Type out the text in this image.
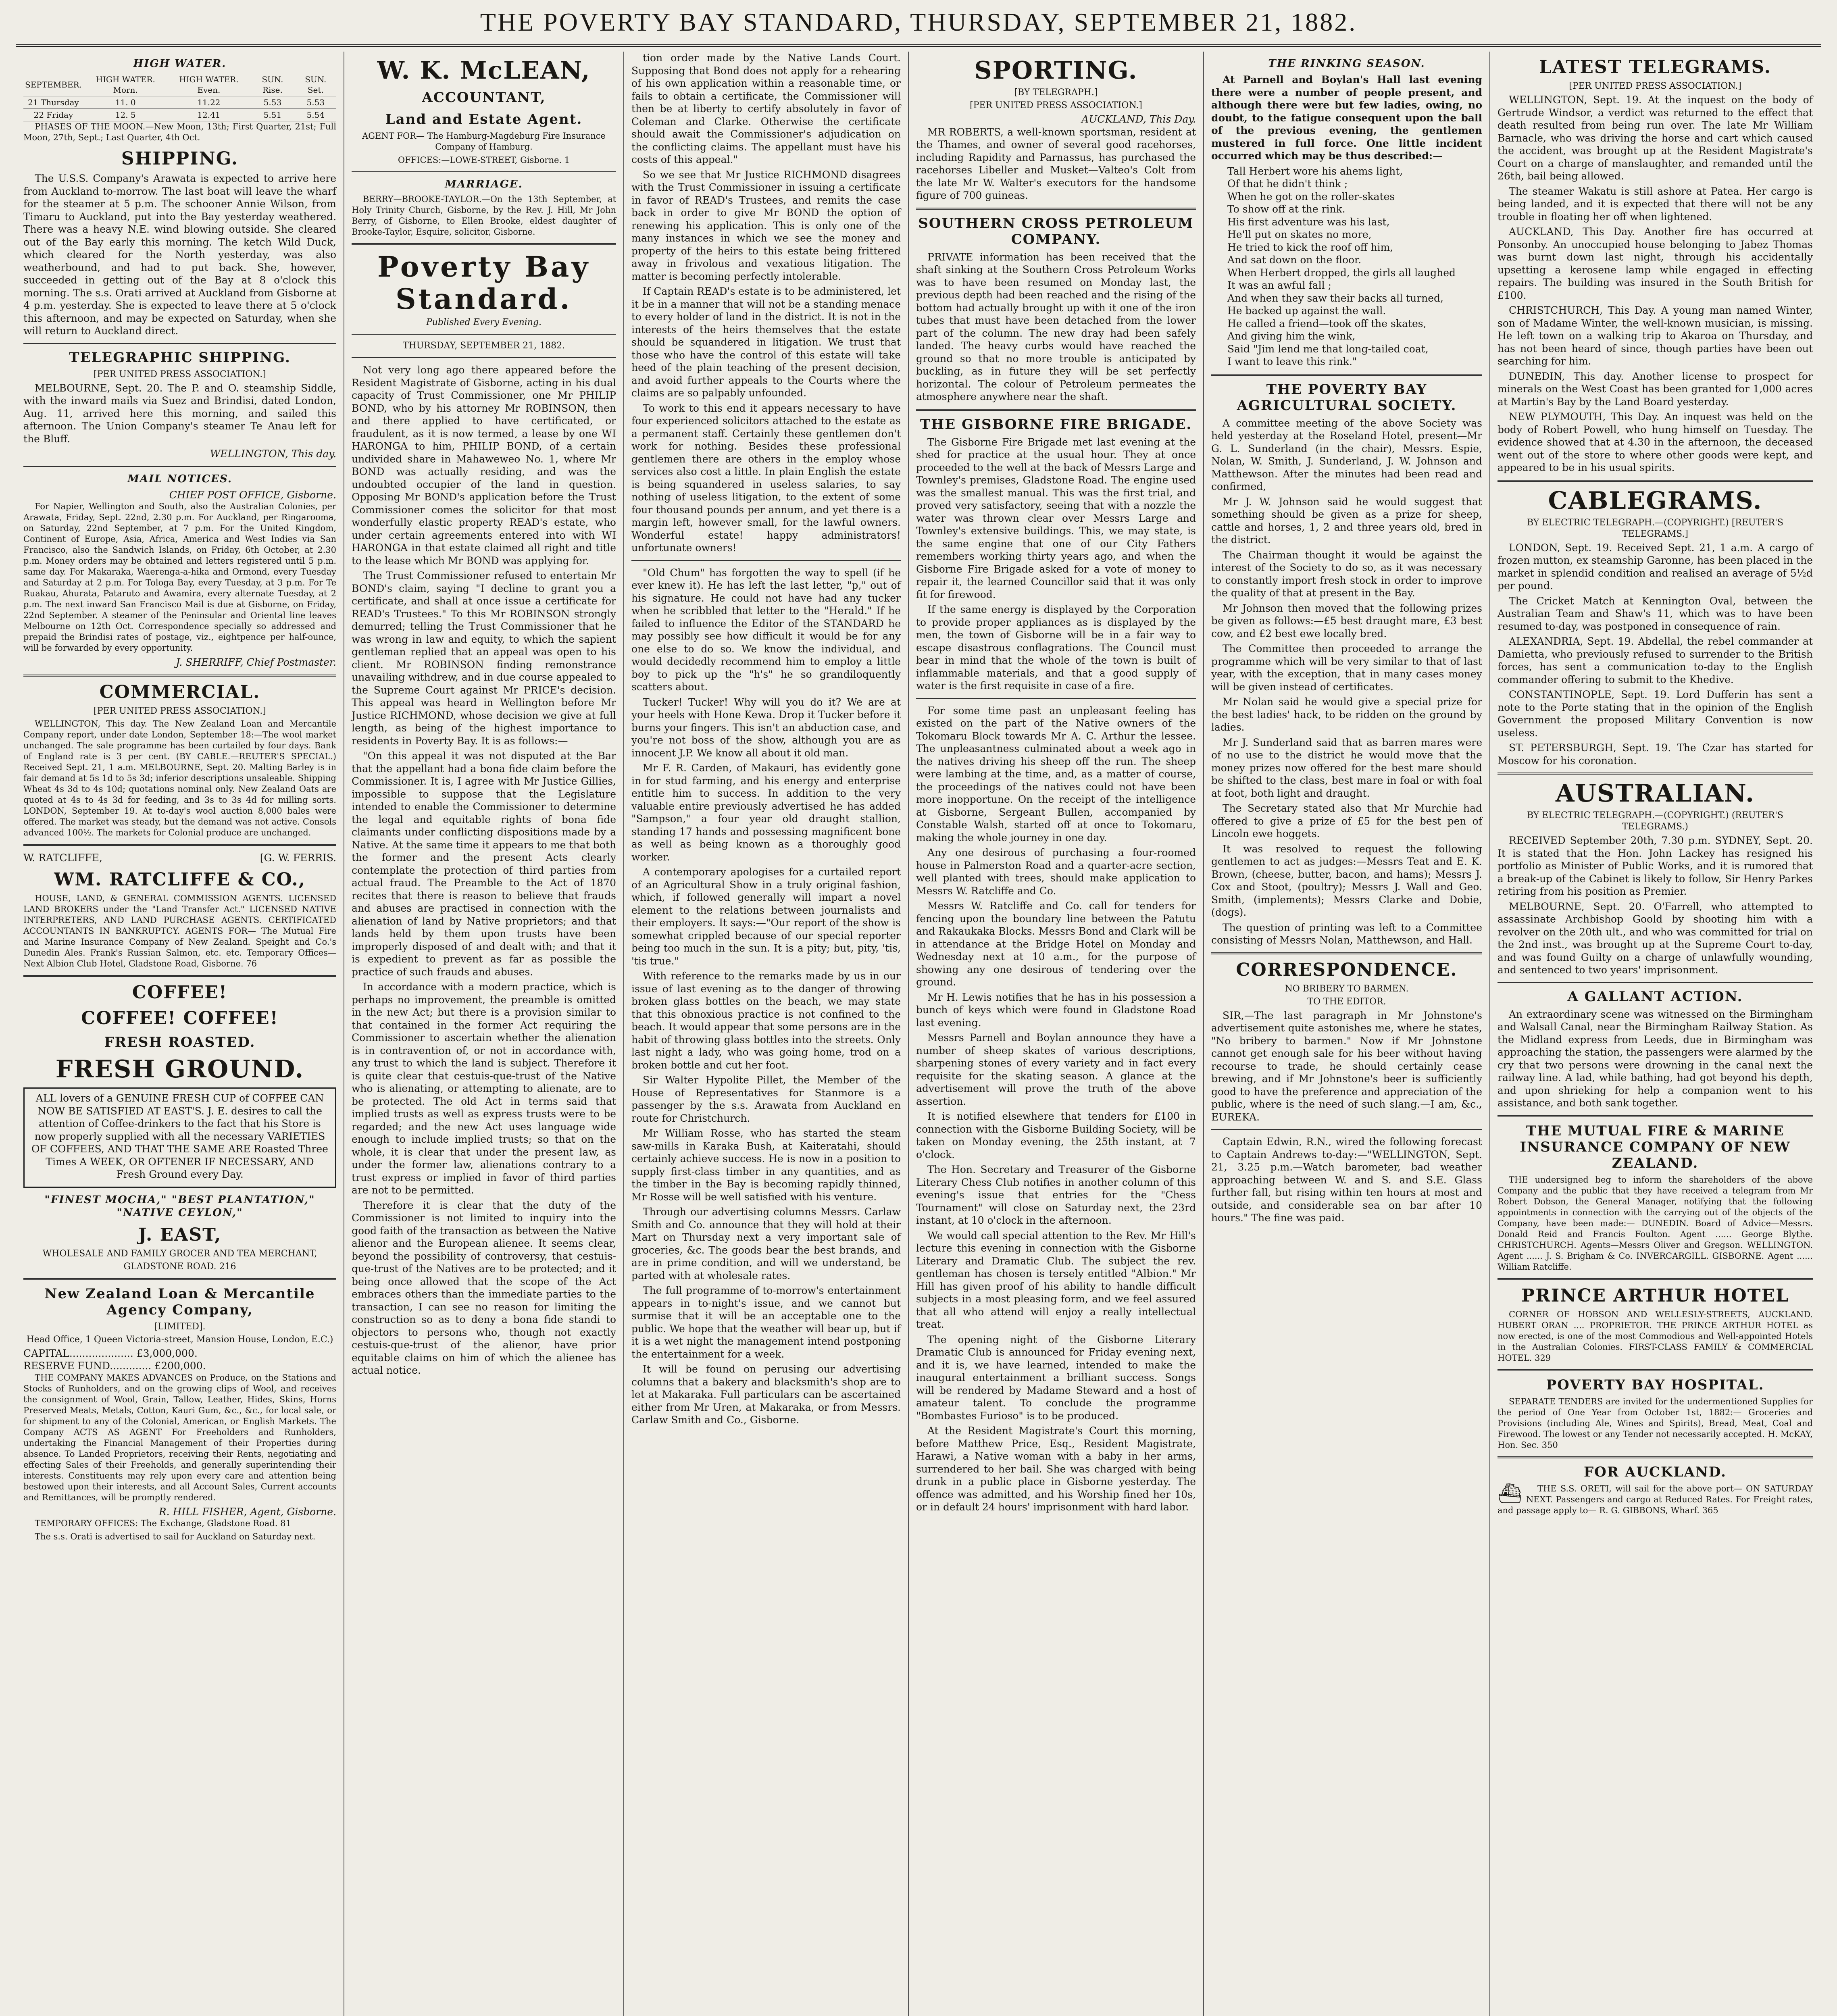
THE POVERTY BAY STANDARD, THURSDAY, SEPTEMBER 21, 1882.
HIGH WATER.
SEPTEMBER.	HIGH WATER. Morn.	HIGH WATER. Even.	SUN. Rise.	SUN. Set.
21 Thursday	11. 0	11.22	5.53	5.53
22 Friday	12. 5	12.41	5.51	5.54

PHASES OF THE MOON.—New Moon, 13th; First Quarter, 21st; Full Moon, 27th, Sept.; Last Quarter, 4th Oct.

SHIPPING.

The U.S.S. Company's Arawata is expected to arrive here from Auckland to-morrow. The last boat will leave the wharf for the steamer at 5 p.m. The schooner Annie Wilson, from Timaru to Auckland, put into the Bay yesterday weathered. There was a heavy N.E. wind blowing outside. She cleared out of the Bay early this morning. The ketch Wild Duck, which cleared for the North yesterday, was also weatherbound, and had to put back. She, however, succeeded in getting out of the Bay at 8 o'clock this morning. The s.s. Orati arrived at Auckland from Gisborne at 4 p.m. yesterday. She is expected to leave there at 5 o'clock this afternoon, and may be expected on Saturday, when she will return to Auckland direct.

TELEGRAPHIC SHIPPING.
[PER UNITED PRESS ASSOCIATION.]

MELBOURNE, Sept. 20. The P. and O. steamship Siddle, with the inward mails via Suez and Brindisi, dated London, Aug. 11, arrived here this morning, and sailed this afternoon. The Union Company's steamer Te Anau left for the Bluff.

WELLINGTON, This day.
MAIL NOTICES.
CHIEF POST OFFICE, Gisborne.

For Napier, Wellington and South, also the Australian Colonies, per Arawata, Friday, Sept. 22nd, 2.30 p.m. For Auckland, per Ringarooma, on Saturday, 22nd September, at 7 p.m. For the United Kingdom, Continent of Europe, Asia, Africa, America and West Indies via San Francisco, also the Sandwich Islands, on Friday, 6th October, at 2.30 p.m. Money orders may be obtained and letters registered until 5 p.m. same day. For Makaraka, Waerenga-a-hika and Ormond, every Tuesday and Saturday at 2 p.m. For Tologa Bay, every Tuesday, at 3 p.m. For Te Ruakau, Ahurata, Pataruto and Awamira, every alternate Tuesday, at 2 p.m. The next inward San Francisco Mail is due at Gisborne, on Friday, 22nd September. A steamer of the Peninsular and Oriental line leaves Melbourne on 12th Oct. Correspondence specially so addressed and prepaid the Brindisi rates of postage, viz., eightpence per half-ounce, will be forwarded by every opportunity.

J. SHERRIFF, Chief Postmaster.
COMMERCIAL.
[PER UNITED PRESS ASSOCIATION.]

WELLINGTON, This day. The New Zealand Loan and Mercantile Company report, under date London, September 18:—The wool market unchanged. The sale programme has been curtailed by four days. Bank of England rate is 3 per cent. (BY CABLE.—REUTER'S SPECIAL.) Received Sept. 21, 1 a.m. MELBOURNE, Sept. 20. Malting Barley is in fair demand at 5s 1d to 5s 3d; inferior descriptions unsaleable. Shipping Wheat 4s 3d to 4s 10d; quotations nominal only. New Zealand Oats are quoted at 4s to 4s 3d for feeding, and 3s to 3s 4d for milling sorts. LONDON, September 19. At to-day's wool auction 8,000 bales were offered. The market was steady, but the demand was not active. Consols advanced 100½. The markets for Colonial produce are unchanged.

W. RATCLIFFE,	[G. W. FERRIS.
WM. RATCLIFFE & CO.,

HOUSE, LAND, & GENERAL COMMISSION AGENTS. LICENSED LAND BROKERS under the "Land Transfer Act." LICENSED NATIVE INTERPRETERS, AND LAND PURCHASE AGENTS. CERTIFICATED ACCOUNTANTS IN BANKRUPTCY. AGENTS FOR— The Mutual Fire and Marine Insurance Company of New Zealand. Speight and Co.'s Dunedin Ales. Frank's Russian Salmon, etc. etc. Temporary Offices—Next Albion Club Hotel, Gladstone Road, Gisborne. 76

COFFEE!
COFFEE! COFFEE!
FRESH ROASTED.
FRESH GROUND.

ALL lovers of a GENUINE FRESH CUP of COFFEE CAN NOW BE SATISFIED AT EAST'S. J. E. desires to call the attention of Coffee-drinkers to the fact that his Store is now properly supplied with all the necessary VARIETIES OF COFFEES, AND THAT THE SAME ARE Roasted Three Times A WEEK, OR OFTENER IF NECESSARY, AND Fresh Ground every Day.

"FINEST MOCHA," "BEST PLANTATION," "NATIVE CEYLON,"
J. EAST,
WHOLESALE AND FAMILY GROCER AND TEA MERCHANT,
GLADSTONE ROAD. 216
New Zealand Loan & Mercantile Agency Company,
[LIMITED].
Head Office, 1 Queen Victoria-street, Mansion House, London, E.C.)
CAPITAL.................... £3,000,000.
RESERVE FUND............. £200,000.

THE COMPANY MAKES ADVANCES on Produce, on the Stations and Stocks of Runholders, and on the growing clips of Wool, and receives the consignment of Wool, Grain, Tallow, Leather, Hides, Skins, Horns Preserved Meats, Metals, Cotton, Kauri Gum, &c., &c., for local sale, or for shipment to any of the Colonial, American, or English Markets. The Company ACTS AS AGENT For Freeholders and Runholders, undertaking the Financial Management of their Properties during absence. To Landed Proprietors, receiving their Rents, negotiating and effecting Sales of their Freeholds, and generally superintending their interests. Constituents may rely upon every care and attention being bestowed upon their interests, and all Account Sales, Current accounts and Remittances, will be promptly rendered.

R. HILL FISHER, Agent, Gisborne.

TEMPORARY OFFICES: The Exchange, Gladstone Road. 81

The s.s. Orati is advertised to sail for Auckland on Saturday next.

W. K. McLEAN,
ACCOUNTANT,
Land and Estate Agent.

AGENT FOR— The Hamburg-Magdeburg Fire Insurance Company of Hamburg.

OFFICES:—LOWE-STREET, Gisborne. 1

MARRIAGE.

BERRY—BROOKE-TAYLOR.—On the 13th September, at Holy Trinity Church, Gisborne, by the Rev. J. Hill, Mr John Berry, of Gisborne, to Ellen Brooke, eldest daughter of Brooke-Taylor, Esquire, solicitor, Gisborne.

Poverty Bay Standard.
Published Every Evening.
THURSDAY, SEPTEMBER 21, 1882.

Not very long ago there appeared before the Resident Magistrate of Gisborne, acting in his dual capacity of Trust Commissioner, one Mr PHILIP BOND, who by his attorney Mr ROBINSON, then and there applied to have certificated, or fraudulent, as it is now termed, a lease by one WI HARONGA to him, PHILIP BOND, of a certain undivided share in Mahaweweo No. 1, where Mr BOND was actually residing, and was the undoubted occupier of the land in question. Opposing Mr BOND's application before the Trust Commissioner comes the solicitor for that most wonderfully elastic property READ's estate, who under certain agreements entered into with WI HARONGA in that estate claimed all right and title to the lease which Mr BOND was applying for.

The Trust Commissioner refused to entertain Mr BOND's claim, saying "I decline to grant you a certificate, and shall at once issue a certificate for READ's Trustees." To this Mr ROBINSON strongly demurred; telling the Trust Commissioner that he was wrong in law and equity, to which the sapient gentleman replied that an appeal was open to his client. Mr ROBINSON finding remonstrance unavailing withdrew, and in due course appealed to the Supreme Court against Mr PRICE's decision. This appeal was heard in Wellington before Mr Justice RICHMOND, whose decision we give at full length, as being of the highest importance to residents in Poverty Bay. It is as follows:—

"On this appeal it was not disputed at the Bar that the appellant had a bona fide claim before the Commissioner. It is, I agree with Mr Justice Gillies, impossible to suppose that the Legislature intended to enable the Commissioner to determine the legal and equitable rights of bona fide claimants under conflicting dispositions made by a Native. At the same time it appears to me that both the former and the present Acts clearly contemplate the protection of third parties from actual fraud. The Preamble to the Act of 1870 recites that there is reason to believe that frauds and abuses are practised in connection with the alienation of land by Native proprietors; and that lands held by them upon trusts have been improperly disposed of and dealt with; and that it is expedient to prevent as far as possible the practice of such frauds and abuses.

In accordance with a modern practice, which is perhaps no improvement, the preamble is omitted in the new Act; but there is a provision similar to that contained in the former Act requiring the Commissioner to ascertain whether the alienation is in contravention of, or not in accordance with, any trust to which the land is subject. Therefore it is quite clear that cestuis-que-trust of the Native who is alienating, or attempting to alienate, are to be protected. The old Act in terms said that implied trusts as well as express trusts were to be regarded; and the new Act uses language wide enough to include implied trusts; so that on the whole, it is clear that under the present law, as under the former law, alienations contrary to a trust express or implied in favor of third parties are not to be permitted.

Therefore it is clear that the duty of the Commissioner is not limited to inquiry into the good faith of the transaction as between the Native alienor and the European alienee. It seems clear, beyond the possibility of controversy, that cestuis-que-trust of the Natives are to be protected; and it being once allowed that the scope of the Act embraces others than the immediate parties to the transaction, I can see no reason for limiting the construction so as to deny a bona fide standi to objectors to persons who, though not exactly cestuis-que-trust of the alienor, have prior equitable claims on him of which the alienee has actual notice.

tion order made by the Native Lands Court. Supposing that Bond does not apply for a rehearing of his own application within a reasonable time, or fails to obtain a certificate, the Commissioner will then be at liberty to certify absolutely in favor of Coleman and Clarke. Otherwise the certificate should await the Commissioner's adjudication on the conflicting claims. The appellant must have his costs of this appeal."

So we see that Mr Justice RICHMOND disagrees with the Trust Commissioner in issuing a certificate in favor of READ's Trustees, and remits the case back in order to give Mr BOND the option of renewing his application. This is only one of the many instances in which we see the money and property of the heirs to this estate being frittered away in frivolous and vexatious litigation. The matter is becoming perfectly intolerable.

If Captain READ's estate is to be administered, let it be in a manner that will not be a standing menace to every holder of land in the district. It is not in the interests of the heirs themselves that the estate should be squandered in litigation. We trust that those who have the control of this estate will take heed of the plain teaching of the present decision, and avoid further appeals to the Courts where the claims are so palpably unfounded.

To work to this end it appears necessary to have four experienced solicitors attached to the estate as a permanent staff. Certainly these gentlemen don't work for nothing. Besides these professional gentlemen there are others in the employ whose services also cost a little. In plain English the estate is being squandered in useless salaries, to say nothing of useless litigation, to the extent of some four thousand pounds per annum, and yet there is a margin left, however small, for the lawful owners. Wonderful estate! happy administrators! unfortunate owners!

"Old Chum" has forgotten the way to spell (if he ever knew it). He has left the last letter, "p," out of his signature. He could not have had any tucker when he scribbled that letter to the "Herald." If he failed to influence the Editor of the STANDARD he may possibly see how difficult it would be for any one else to do so. We know the individual, and would decidedly recommend him to employ a little boy to pick up the "h's" he so grandiloquently scatters about.

Tucker! Tucker! Why will you do it? We are at your heels with Hone Kewa. Drop it Tucker before it burns your fingers. This isn't an abduction case, and you're not boss of the show, although you are as innocent J.P. We know all about it old man.

Mr F. R. Carden, of Makauri, has evidently gone in for stud farming, and his energy and enterprise entitle him to success. In addition to the very valuable entire previously advertised he has added "Sampson," a four year old draught stallion, standing 17 hands and possessing magnificent bone as well as being known as a thoroughly good worker.

A contemporary apologises for a curtailed report of an Agricultural Show in a truly original fashion, which, if followed generally will impart a novel element to the relations between journalists and their employers. It says:—"Our report of the show is somewhat crippled because of our special reporter being too much in the sun. It is a pity; but, pity, 'tis, 'tis true."

With reference to the remarks made by us in our issue of last evening as to the danger of throwing broken glass bottles on the beach, we may state that this obnoxious practice is not confined to the beach. It would appear that some persons are in the habit of throwing glass bottles into the streets. Only last night a lady, who was going home, trod on a broken bottle and cut her foot.

Sir Walter Hypolite Pillet, the Member of the House of Representatives for Stanmore is a passenger by the s.s. Arawata from Auckland en route for Christchurch.

Mr William Rosse, who has started the steam saw-mills in Karaka Bush, at Kaiteratahi, should certainly achieve success. He is now in a position to supply first-class timber in any quantities, and as the timber in the Bay is becoming rapidly thinned, Mr Rosse will be well satisfied with his venture.

Through our advertising columns Messrs. Carlaw Smith and Co. announce that they will hold at their Mart on Thursday next a very important sale of groceries, &c. The goods bear the best brands, and are in prime condition, and will we understand, be parted with at wholesale rates.

The full programme of to-morrow's entertainment appears in to-night's issue, and we cannot but surmise that it will be an acceptable one to the public. We hope that the weather will bear up, but if it is a wet night the management intend postponing the entertainment for a week.

It will be found on perusing our advertising columns that a bakery and blacksmith's shop are to let at Makaraka. Full particulars can be ascertained either from Mr Uren, at Makaraka, or from Messrs. Carlaw Smith and Co., Gisborne.

SPORTING.
[BY TELEGRAPH.]
[PER UNITED PRESS ASSOCIATION.]
AUCKLAND, This Day.

MR ROBERTS, a well-known sportsman, resident at the Thames, and owner of several good racehorses, including Rapidity and Parnassus, has purchased the racehorses Libeller and Musket—Valteo's Colt from the late Mr W. Walter's executors for the handsome figure of 700 guineas.

SOUTHERN CROSS PETROLEUM COMPANY.

PRIVATE information has been received that the shaft sinking at the Southern Cross Petroleum Works was to have been resumed on Monday last, the previous depth had been reached and the rising of the bottom had actually brought up with it one of the iron tubes that must have been detached from the lower part of the column. The new dray had been safely landed. The heavy curbs would have reached the ground so that no more trouble is anticipated by buckling, as in future they will be set perfectly horizontal. The colour of Petroleum permeates the atmosphere anywhere near the shaft.

THE GISBORNE FIRE BRIGADE.

The Gisborne Fire Brigade met last evening at the shed for practice at the usual hour. They at once proceeded to the well at the back of Messrs Large and Townley's premises, Gladstone Road. The engine used was the smallest manual. This was the first trial, and proved very satisfactory, seeing that with a nozzle the water was thrown clear over Messrs Large and Townley's extensive buildings. This, we may state, is the same engine that one of our City Fathers remembers working thirty years ago, and when the Gisborne Fire Brigade asked for a vote of money to repair it, the learned Councillor said that it was only fit for firewood.

If the same energy is displayed by the Corporation to provide proper appliances as is displayed by the men, the town of Gisborne will be in a fair way to escape disastrous conflagrations. The Council must bear in mind that the whole of the town is built of inflammable materials, and that a good supply of water is the first requisite in case of a fire.

For some time past an unpleasant feeling has existed on the part of the Native owners of the Tokomaru Block towards Mr A. C. Arthur the lessee. The unpleasantness culminated about a week ago in the natives driving his sheep off the run. The sheep were lambing at the time, and, as a matter of course, the proceedings of the natives could not have been more inopportune. On the receipt of the intelligence at Gisborne, Sergeant Bullen, accompanied by Constable Walsh, started off at once to Tokomaru, making the whole journey in one day.

Any one desirous of purchasing a four-roomed house in Palmerston Road and a quarter-acre section, well planted with trees, should make application to Messrs W. Ratcliffe and Co.

Messrs W. Ratcliffe and Co. call for tenders for fencing upon the boundary line between the Patutu and Rakaukaka Blocks. Messrs Bond and Clark will be in attendance at the Bridge Hotel on Monday and Wednesday next at 10 a.m., for the purpose of showing any one desirous of tendering over the ground.

Mr H. Lewis notifies that he has in his possession a bunch of keys which were found in Gladstone Road last evening.

Messrs Parnell and Boylan announce they have a number of sheep skates of various descriptions, sharpening stones of every variety and in fact every requisite for the skating season. A glance at the advertisement will prove the truth of the above assertion.

It is notified elsewhere that tenders for £100 in connection with the Gisborne Building Society, will be taken on Monday evening, the 25th instant, at 7 o'clock.

The Hon. Secretary and Treasurer of the Gisborne Literary Chess Club notifies in another column of this evening's issue that entries for the "Chess Tournament" will close on Saturday next, the 23rd instant, at 10 o'clock in the afternoon.

We would call special attention to the Rev. Mr Hill's lecture this evening in connection with the Gisborne Literary and Dramatic Club. The subject the rev. gentleman has chosen is tersely entitled "Albion." Mr Hill has given proof of his ability to handle difficult subjects in a most pleasing form, and we feel assured that all who attend will enjoy a really intellectual treat.

The opening night of the Gisborne Literary Dramatic Club is announced for Friday evening next, and it is, we have learned, intended to make the inaugural entertainment a brilliant success. Songs will be rendered by Madame Steward and a host of amateur talent. To conclude the programme "Bombastes Furioso" is to be produced.

At the Resident Magistrate's Court this morning, before Matthew Price, Esq., Resident Magistrate, Harawi, a Native woman with a baby in her arms, surrendered to her bail. She was charged with being drunk in a public place in Gisborne yesterday. The offence was admitted, and his Worship fined her 10s, or in default 24 hours' imprisonment with hard labor.

THE RINKING SEASON.

At Parnell and Boylan's Hall last evening there were a number of people present, and although there were but few ladies, owing, no doubt, to the fatigue consequent upon the ball of the previous evening, the gentlemen mustered in full force. One little incident occurred which may be thus described:—

Tall Herbert wore his ahems light,
Of that he didn't think ;
When he got on the roller-skates
To show off at the rink.
His first adventure was his last,
He'll put on skates no more,
He tried to kick the roof off him,
And sat down on the floor.
When Herbert dropped, the girls all laughed
It was an awful fall ;
And when they saw their backs all turned,
He backed up against the wall.
He called a friend—took off the skates,
And giving him the wink,
Said "Jim lend me that long-tailed coat,
I want to leave this rink."
THE POVERTY BAY AGRICULTURAL SOCIETY.

A committee meeting of the above Society was held yesterday at the Roseland Hotel, present—Mr G. L. Sunderland (in the chair), Messrs. Espie, Nolan, W. Smith, J. Sunderland, J. W. Johnson and Matthewson. After the minutes had been read and confirmed,

Mr J. W. Johnson said he would suggest that something should be given as a prize for sheep, cattle and horses, 1, 2 and three years old, bred in the district.

The Chairman thought it would be against the interest of the Society to do so, as it was necessary to constantly import fresh stock in order to improve the quality of that at present in the Bay.

Mr Johnson then moved that the following prizes be given as follows:—£5 best draught mare, £3 best cow, and £2 best ewe locally bred.

The Committee then proceeded to arrange the programme which will be very similar to that of last year, with the exception, that in many cases money will be given instead of certificates.

Mr Nolan said he would give a special prize for the best ladies' hack, to be ridden on the ground by ladies.

Mr J. Sunderland said that as barren mares were of no use to the district he would move that the money prizes now offered for the best mare should be shifted to the class, best mare in foal or with foal at foot, both light and draught.

The Secretary stated also that Mr Murchie had offered to give a prize of £5 for the best pen of Lincoln ewe hoggets.

It was resolved to request the following gentlemen to act as judges:—Messrs Teat and E. K. Brown, (cheese, butter, bacon, and hams); Messrs J. Cox and Stoot, (poultry); Messrs J. Wall and Geo. Smith, (implements); Messrs Clarke and Dobie, (dogs).

The question of printing was left to a Committee consisting of Messrs Nolan, Matthewson, and Hall.

CORRESPONDENCE.
NO BRIBERY TO BARMEN.
TO THE EDITOR.

SIR,—The last paragraph in Mr Johnstone's advertisement quite astonishes me, where he states, "No bribery to barmen." Now if Mr Johnstone cannot get enough sale for his beer without having recourse to trade, he should certainly cease brewing, and if Mr Johnstone's beer is sufficiently good to have the preference and appreciation of the public, where is the need of such slang.—I am, &c., EUREKA.

Captain Edwin, R.N., wired the following forecast to Captain Andrews to-day:—"WELLINGTON, Sept. 21, 3.25 p.m.—Watch barometer, bad weather approaching between W. and S. and S.E. Glass further fall, but rising within ten hours at most and outside, and considerable sea on bar after 10 hours." The fine was paid.

LATEST TELEGRAMS.
[PER UNITED PRESS ASSOCIATION.]

WELLINGTON, Sept. 19. At the inquest on the body of Gertrude Windsor, a verdict was returned to the effect that death resulted from being run over. The late Mr William Barnacle, who was driving the horse and cart which caused the accident, was brought up at the Resident Magistrate's Court on a charge of manslaughter, and remanded until the 26th, bail being allowed.

The steamer Wakatu is still ashore at Patea. Her cargo is being landed, and it is expected that there will not be any trouble in floating her off when lightened.

AUCKLAND, This Day. Another fire has occurred at Ponsonby. An unoccupied house belonging to Jabez Thomas was burnt down last night, through his accidentally upsetting a kerosene lamp while engaged in effecting repairs. The building was insured in the South British for £100.

CHRISTCHURCH, This Day. A young man named Winter, son of Madame Winter, the well-known musician, is missing. He left town on a walking trip to Akaroa on Thursday, and has not been heard of since, though parties have been out searching for him.

DUNEDIN, This day. Another license to prospect for minerals on the West Coast has been granted for 1,000 acres at Martin's Bay by the Land Board yesterday.

NEW PLYMOUTH, This Day. An inquest was held on the body of Robert Powell, who hung himself on Tuesday. The evidence showed that at 4.30 in the afternoon, the deceased went out of the store to where other goods were kept, and appeared to be in his usual spirits.

CABLEGRAMS.
BY ELECTRIC TELEGRAPH.—(COPYRIGHT.) [REUTER'S TELEGRAMS.]

LONDON, Sept. 19. Received Sept. 21, 1 a.m. A cargo of frozen mutton, ex steamship Garonne, has been placed in the market in splendid condition and realised an average of 5½d per pound.

The Cricket Match at Kennington Oval, between the Australian Team and Shaw's 11, which was to have been resumed to-day, was postponed in consequence of rain.

ALEXANDRIA, Sept. 19. Abdellal, the rebel commander at Damietta, who previously refused to surrender to the British forces, has sent a communication to-day to the English commander offering to submit to the Khedive.

CONSTANTINOPLE, Sept. 19. Lord Dufferin has sent a note to the Porte stating that in the opinion of the English Government the proposed Military Convention is now useless.

ST. PETERSBURGH, Sept. 19. The Czar has started for Moscow for his coronation.

AUSTRALIAN.
BY ELECTRIC TELEGRAPH.—(COPYRIGHT.) (REUTER'S TELEGRAMS.)

RECEIVED September 20th, 7.30 p.m. SYDNEY, Sept. 20. It is stated that the Hon. John Lackey has resigned his portfolio as Minister of Public Works, and it is rumored that a break-up of the Cabinet is likely to follow, Sir Henry Parkes retiring from his position as Premier.

MELBOURNE, Sept. 20. O'Farrell, who attempted to assassinate Archbishop Goold by shooting him with a revolver on the 20th ult., and who was committed for trial on the 2nd inst., was brought up at the Supreme Court to-day, and was found Guilty on a charge of unlawfully wounding, and sentenced to two years' imprisonment.

A GALLANT ACTION.

An extraordinary scene was witnessed on the Birmingham and Walsall Canal, near the Birmingham Railway Station. As the Midland express from Leeds, due in Birmingham was approaching the station, the passengers were alarmed by the cry that two persons were drowning in the canal next the railway line. A lad, while bathing, had got beyond his depth, and upon shrieking for help a companion went to his assistance, and both sank together.

THE MUTUAL FIRE & MARINE INSURANCE COMPANY OF NEW ZEALAND.

THE undersigned beg to inform the shareholders of the above Company and the public that they have received a telegram from Mr Robert Dobson, the General Manager, notifying that the following appointments in connection with the carrying out of the objects of the Company, have been made:— DUNEDIN. Board of Advice—Messrs. Donald Reid and Francis Foulton. Agent ...... George Blythe. CHRISTCHURCH. Agents—Messrs Oliver and Gregson. WELLINGTON. Agent ...... J. S. Brigham & Co. INVERCARGILL. GISBORNE. Agent ...... William Ratcliffe.

PRINCE ARTHUR HOTEL

CORNER OF HOBSON AND WELLESLY-STREETS, AUCKLAND. HUBERT ORAN .... PROPRIETOR. THE PRINCE ARTHUR HOTEL as now erected, is one of the most Commodious and Well-appointed Hotels in the Australian Colonies. FIRST-CLASS FAMILY & COMMERCIAL HOTEL. 329

POVERTY BAY HOSPITAL.

SEPARATE TENDERS are invited for the undermentioned Supplies for the period of One Year from October 1st, 1882:— Groceries and Provisions (including Ale, Wines and Spirits), Bread, Meat, Coal and Firewood. The lowest or any Tender not necessarily accepted. H. McKAY, Hon. Sec. 350

FOR AUCKLAND.
⛴	THE S.S. ORETI, will sail for the above port— ON SATURDAY NEXT. Passengers and cargo at Reduced Rates. For Freight rates, and passage apply to— R. G. GIBBONS, Wharf. 365
